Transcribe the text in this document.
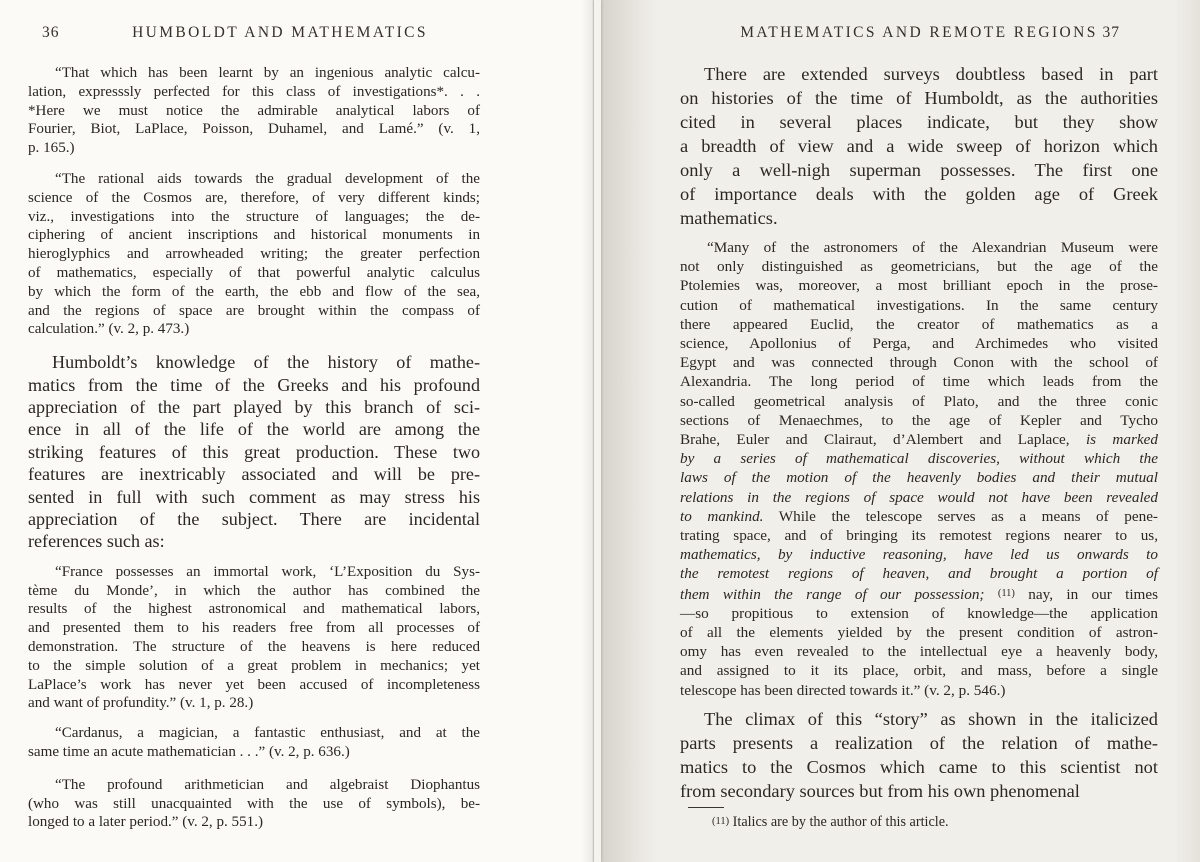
36	HUMBOLDT AND MATHEMATICS	MATHEMATICS AND REMOTE REGIONS 37
“That which has been learnt by an ingenious analytic calcu-
lation, expresssly perfected for this class of investigations*. . .
*Here we must notice the admirable analytical labors of
Fourier, Biot, LaPlace, Poisson, Duhamel, and Lamé.” (v. 1,
p. 165.)
“The rational aids towards the gradual development of the
science of the Cosmos are, therefore, of very different kinds;
viz., investigations into the structure of languages; the de-
ciphering of ancient inscriptions and historical monuments in
hieroglyphics and arrowheaded writing; the greater perfection
of mathematics, especially of that powerful analytic calculus
by which the form of the earth, the ebb and flow of the sea,
and the regions of space are brought within the compass of
calculation.” (v. 2, p. 473.)
Humboldt’s knowledge of the history of mathe-
matics from the time of the Greeks and his profound
appreciation of the part played by this branch of sci-
ence in all of the life of the world are among the
striking features of this great production. These two
features are inextricably associated and will be pre-
sented in full with such comment as may stress his
appreciation of the subject. There are incidental
references such as:
“France possesses an immortal work, ‘L’Exposition du Sys-
tème du Monde’, in which the author has combined the
results of the highest astronomical and mathematical labors,
and presented them to his readers free from all processes of
demonstration. The structure of the heavens is here reduced
to the simple solution of a great problem in mechanics; yet
LaPlace’s work has never yet been accused of incompleteness
and want of profundity.” (v. 1, p. 28.)
“Cardanus, a magician, a fantastic enthusiast, and at the
same time an acute mathematician . . .” (v. 2, p. 636.)
“The profound arithmetician and algebraist Diophantus
(who was still unacquainted with the use of symbols), be-
longed to a later period.” (v. 2, p. 551.)
There are extended surveys doubtless based in part
on histories of the time of Humboldt, as the authorities
cited in several places indicate, but they show
a breadth of view and a wide sweep of horizon which
only a well-nigh superman possesses. The first one
of importance deals with the golden age of Greek
mathematics.
“Many of the astronomers of the Alexandrian Museum were
not only distinguished as geometricians, but the age of the
Ptolemies was, moreover, a most brilliant epoch in the prose-
cution of mathematical investigations. In the same century
there appeared Euclid, the creator of mathematics as a
science, Apollonius of Perga, and Archimedes who visited
Egypt and was connected through Conon with the school of
Alexandria. The long period of time which leads from the
so-called geometrical analysis of Plato, and the three conic
sections of Menaechmes, to the age of Kepler and Tycho
Brahe, Euler and Clairaut, d’Alembert and Laplace, is marked
by a series of mathematical discoveries, without which the
laws of the motion of the heavenly bodies and their mutual
relations in the regions of space would not have been revealed
to mankind. While the telescope serves as a means of pene-
trating space, and of bringing its remotest regions nearer to us,
mathematics, by inductive reasoning, have led us onwards to
the remotest regions of heaven, and brought a portion of
them within the range of our possession; (11) nay, in our times
—so propitious to extension of knowledge—the application
of all the elements yielded by the present condition of astron-
omy has even revealed to the intellectual eye a heavenly body,
and assigned to it its place, orbit, and mass, before a single
telescope has been directed towards it.” (v. 2, p. 546.)
The climax of this “story” as shown in the italicized
parts presents a realization of the relation of mathe-
matics to the Cosmos which came to this scientist not
from secondary sources but from his own phenomenal
(11) Italics are by the author of this article.
